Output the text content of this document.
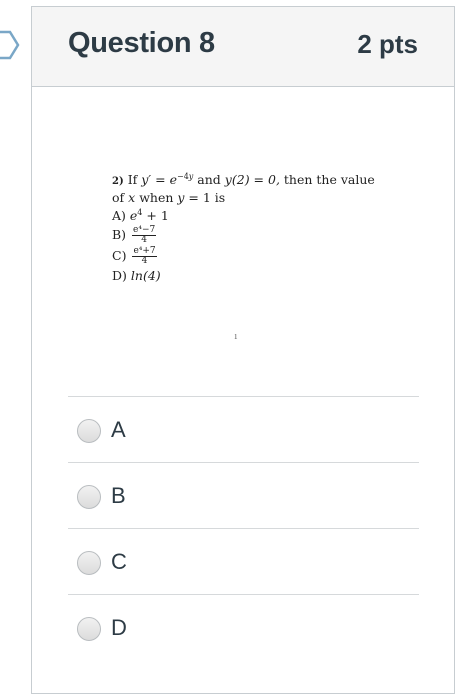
Question 8	2 pts
2) If $y' = e^{-4y}$ and y(2) = 0, then the value
of x when y = 1 is
A) $e^4 + 1$
$B) \frac{\text{e⁴−7}}{4}$
$C) \frac{\text{e⁴+7}}{4}$
D) ln(4)
1
A
B
C
D
